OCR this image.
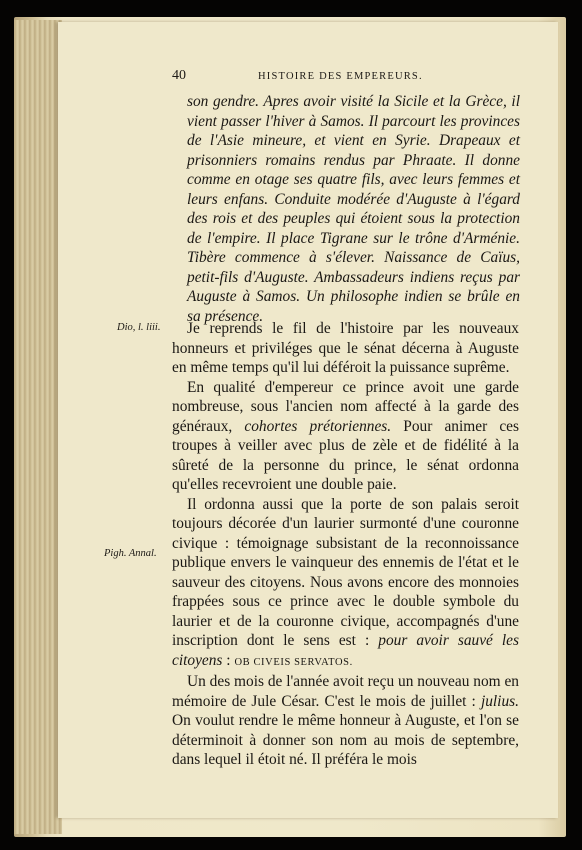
40	HISTOIRE DES EMPEREURS.

son gendre. Apres avoir visité la Sicile et la Grèce, il vient passer l'hiver à Samos. Il parcourt les provinces de l'Asie mineure, et vient en Syrie. Drapeaux et prisonniers romains rendus par Phraate. Il donne comme en otage ses quatre fils, avec leurs femmes et leurs enfans. Conduite modérée d'Auguste à l'égard des rois et des peuples qui étoient sous la protection de l'empire. Il place Tigrane sur le trône d'Arménie. Tibère commence à s'élever. Naissance de Caïus, petit-fils d'Auguste. Ambassadeurs indiens reçus par Auguste à Samos. Un philosophe indien se brûle en sa présence.

Dio, l. liii.
Pigh. Annal.

Je reprends le fil de l'histoire par les nouveaux honneurs et priviléges que le sénat décerna à Auguste en même temps qu'il lui déféroit la puissance suprême.

En qualité d'empereur ce prince avoit une garde nombreuse, sous l'ancien nom affecté à la garde des généraux, cohortes prétoriennes. Pour animer ces troupes à veiller avec plus de zèle et de fidélité à la sûreté de la personne du prince, le sénat ordonna qu'elles recevroient une double paie.

Il ordonna aussi que la porte de son palais seroit toujours décorée d'un laurier surmonté d'une couronne civique : témoignage subsistant de la reconnoissance publique envers le vainqueur des ennemis de l'état et le sauveur des citoyens. Nous avons encore des monnoies frappées sous ce prince avec le double symbole du laurier et de la couronne civique, accompagnés d'une inscription dont le sens est : pour avoir sauvé les citoyens : OB CIVEIS SERVATOS.

Un des mois de l'année avoit reçu un nouveau nom en mémoire de Jule César. C'est le mois de juillet : julius. On voulut rendre le même honneur à Auguste, et l'on se déterminoit à donner son nom au mois de septembre, dans lequel il étoit né. Il préféra le mois
